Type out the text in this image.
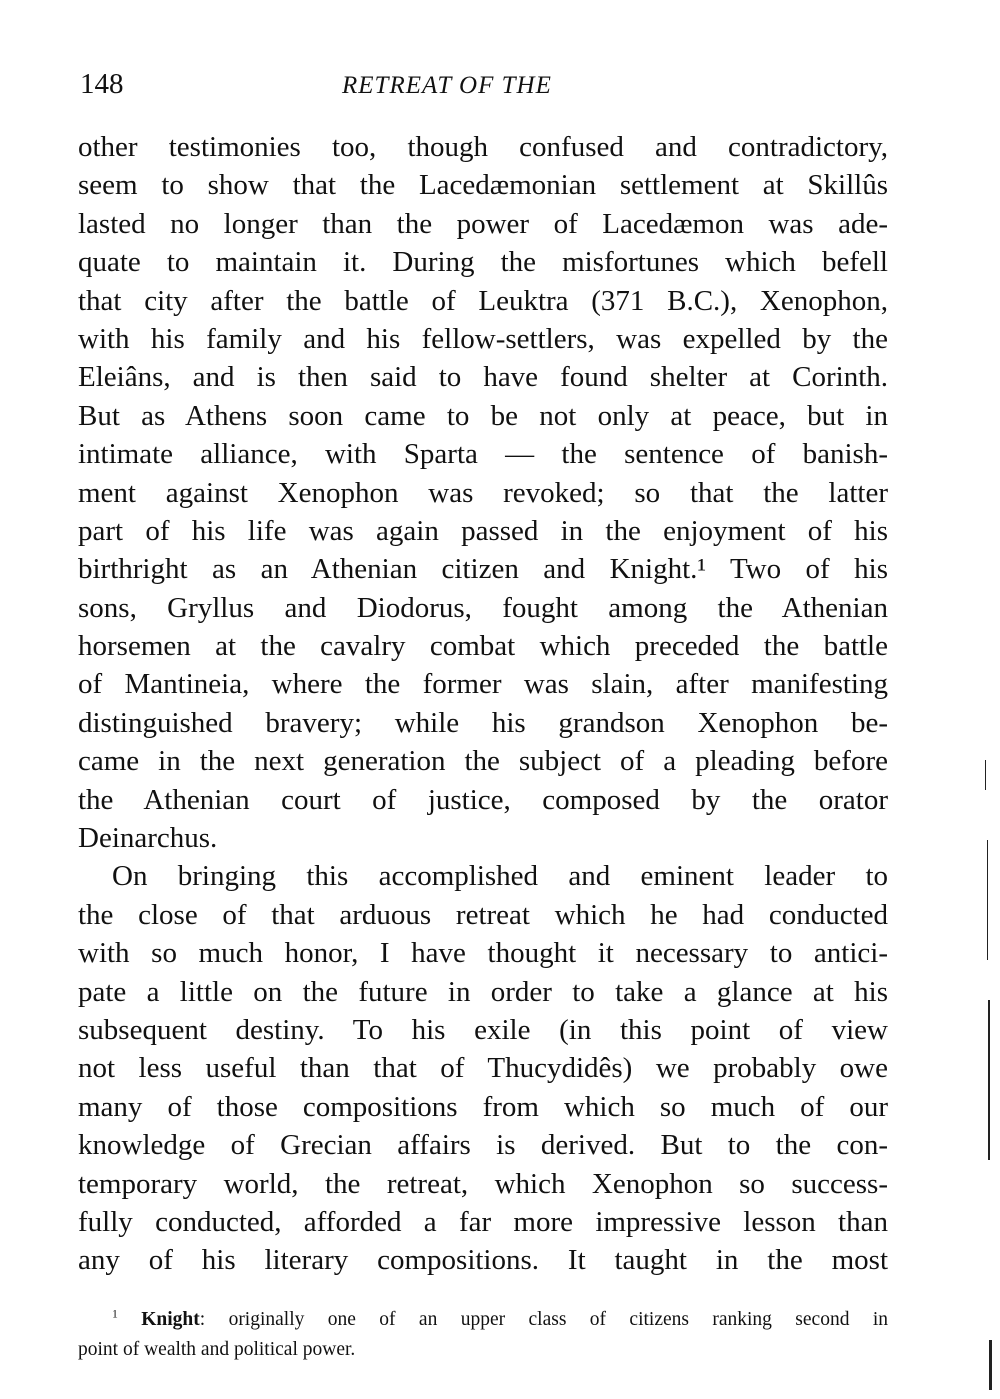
148	RETREAT OF THE
other testimonies too, though confused and contradictory,
seem to show that the Lacedæmonian settlement at Skillûs
lasted no longer than the power of Lacedæmon was ade-
quate to maintain it. During the misfortunes which befell
that city after the battle of Leuktra (371 B.C.), Xenophon,
with his family and his fellow-settlers, was expelled by the
Eleiâns, and is then said to have found shelter at Corinth.
But as Athens soon came to be not only at peace, but in
intimate alliance, with Sparta — the sentence of banish-
ment against Xenophon was revoked; so that the latter
part of his life was again passed in the enjoyment of his
birthright as an Athenian citizen and Knight.¹ Two of his
sons, Gryllus and Diodorus, fought among the Athenian
horsemen at the cavalry combat which preceded the battle
of Mantineia, where the former was slain, after manifesting
distinguished bravery; while his grandson Xenophon be-
came in the next generation the subject of a pleading before
the Athenian court of justice, composed by the orator
Deinarchus.
On bringing this accomplished and eminent leader to
the close of that arduous retreat which he had conducted
with so much honor, I have thought it necessary to antici-
pate a little on the future in order to take a glance at his
subsequent destiny. To his exile (in this point of view
not less useful than that of Thucydidês) we probably owe
many of those compositions from which so much of our
knowledge of Grecian affairs is derived. But to the con-
temporary world, the retreat, which Xenophon so success-
fully conducted, afforded a far more impressive lesson than
any of his literary compositions. It taught in the most
$^1$ Knight: originally one of an upper class of citizens ranking second in
point of wealth and political power.
